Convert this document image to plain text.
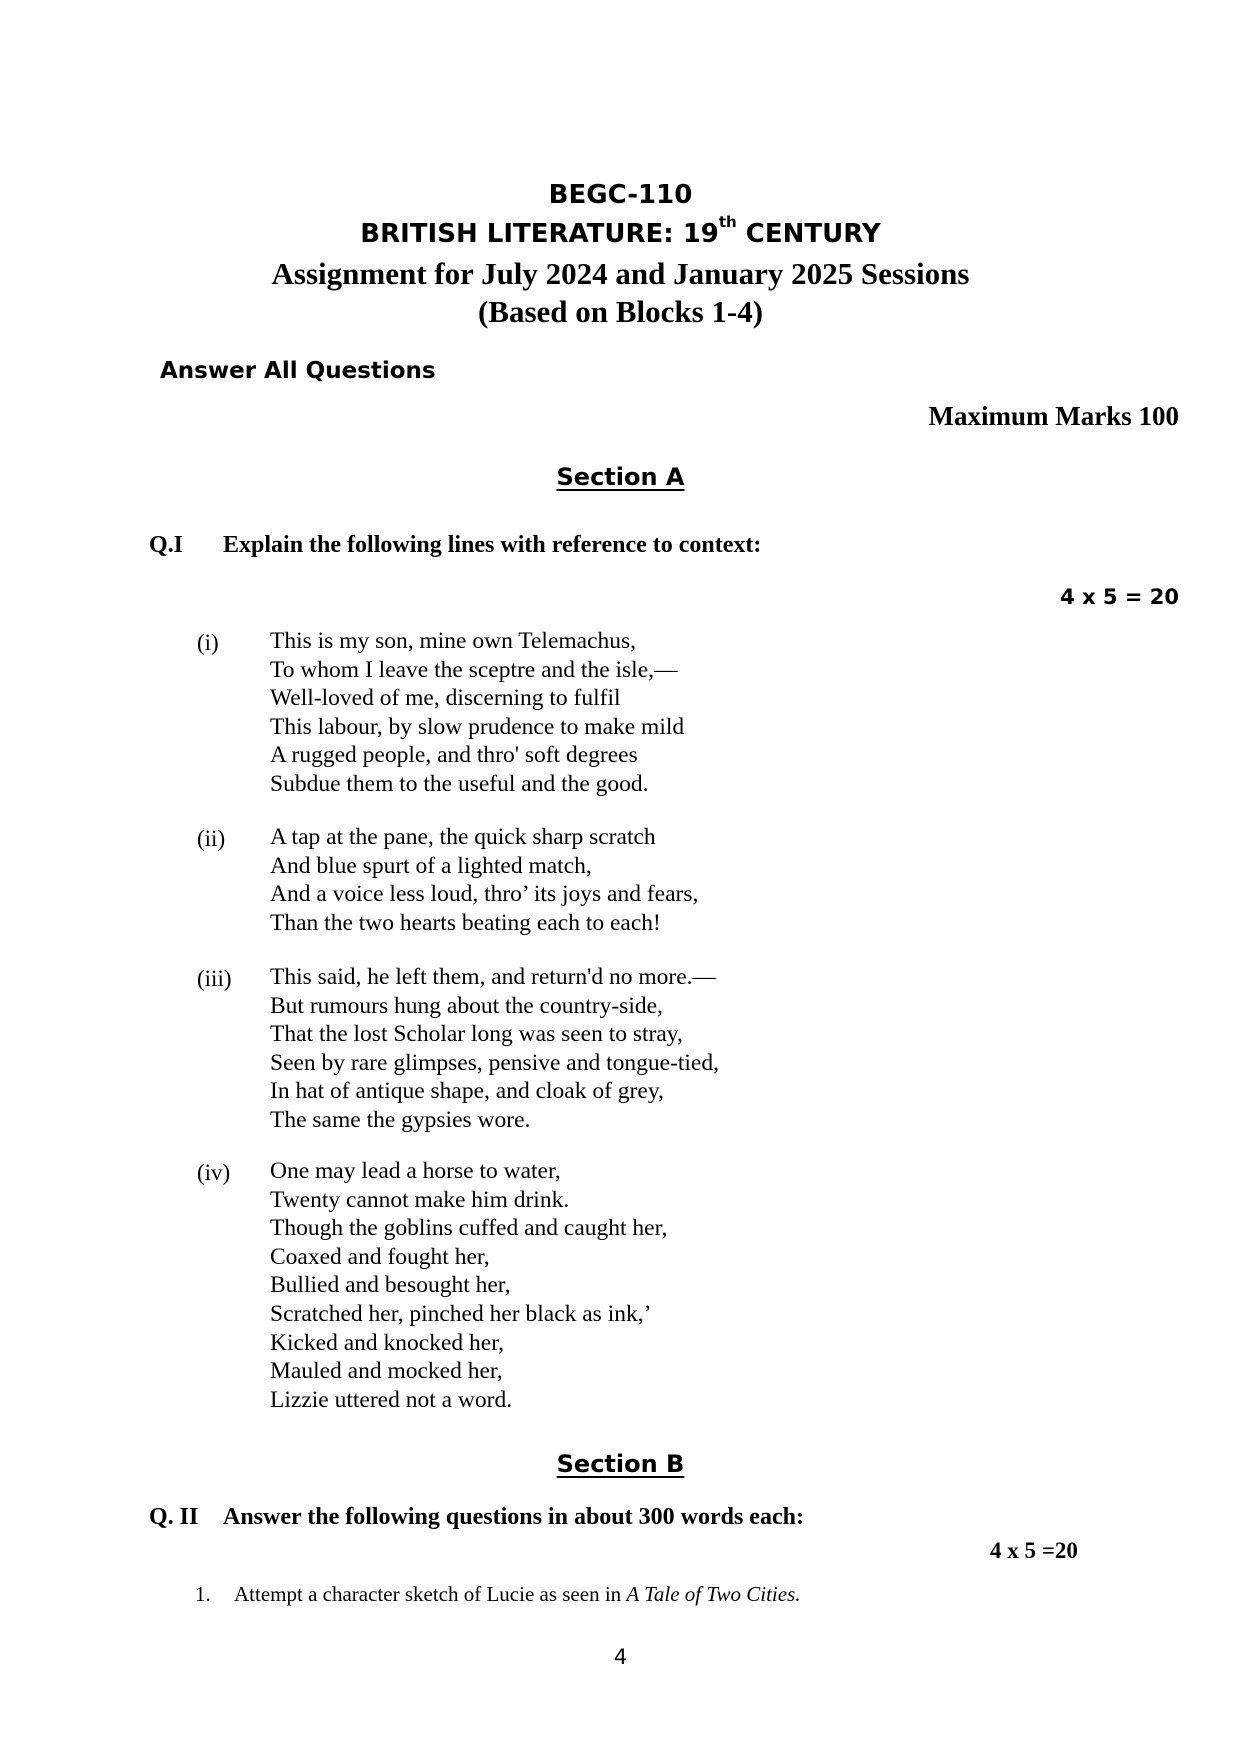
BEGC-110
BRITISH LITERATURE: 19th CENTURY
Assignment for July 2024 and January 2025 Sessions
(Based on Blocks 1-4)
Answer All Questions
Maximum Marks 100
Section A
Q.I Explain the following lines with reference to context:
4 x 5 = 20
(i) This is my son, mine own Telemachus,
To whom I leave the sceptre and the isle,—
Well-loved of me, discerning to fulfil
This labour, by slow prudence to make mild
A rugged people, and thro' soft degrees
Subdue them to the useful and the good.
(ii) A tap at the pane, the quick sharp scratch
And blue spurt of a lighted match,
And a voice less loud, thro’ its joys and fears,
Than the two hearts beating each to each!
(iii) This said, he left them, and return'd no more.—
But rumours hung about the country-side,
That the lost Scholar long was seen to stray,
Seen by rare glimpses, pensive and tongue-tied,
In hat of antique shape, and cloak of grey,
The same the gypsies wore.
(iv) One may lead a horse to water,
Twenty cannot make him drink.
Though the goblins cuffed and caught her,
Coaxed and fought her,
Bullied and besought her,
Scratched her, pinched her black as ink,’
Kicked and knocked her,
Mauled and mocked her,
Lizzie uttered not a word.
Section B
Q. II Answer the following questions in about 300 words each:
4 x 5 =20
1. Attempt a character sketch of Lucie as seen in A Tale of Two Cities.
4
